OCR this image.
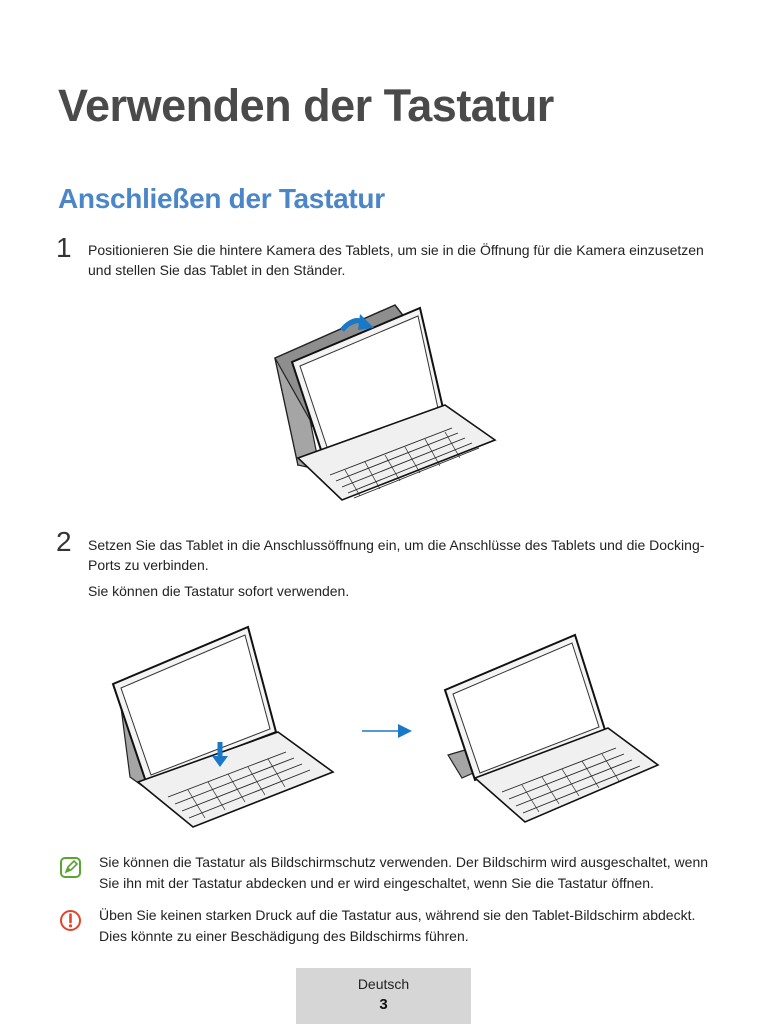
Verwenden der Tastatur
Anschließen der Tastatur
1 Positionieren Sie die hintere Kamera des Tablets, um sie in die Öffnung für die Kamera einzusetzen und stellen Sie das Tablet in den Ständer.
2 Setzen Sie das Tablet in die Anschlussöffnung ein, um die Anschlüsse des Tablets und die Docking-Ports zu verbinden.
Sie können die Tastatur sofort verwenden.
Sie können die Tastatur als Bildschirmschutz verwenden. Der Bildschirm wird ausgeschaltet, wenn Sie ihn mit der Tastatur abdecken und er wird eingeschaltet, wenn Sie die Tastatur öffnen.
Üben Sie keinen starken Druck auf die Tastatur aus, während sie den Tablet-Bildschirm abdeckt. Dies könnte zu einer Beschädigung des Bildschirms führen.
Deutsch
3
